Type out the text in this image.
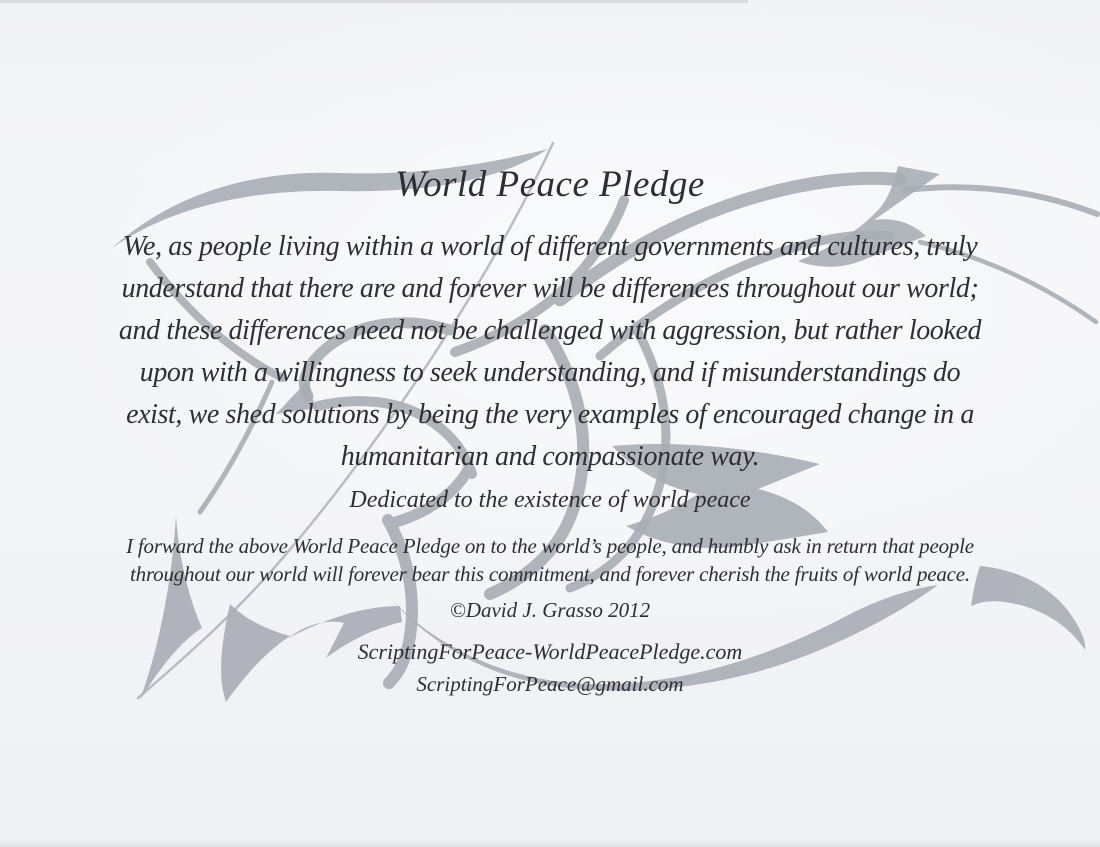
World Peace Pledge
We, as people living within a world of different governments and cultures, truly
understand that there are and forever will be differences throughout our world;
and these differences need not be challenged with aggression, but rather looked
upon with a willingness to seek understanding, and if misunderstandings do
exist, we shed solutions by being the very examples of encouraged change in a
humanitarian and compassionate way.
Dedicated to the existence of world peace
I forward the above World Peace Pledge on to the world’s people, and humbly ask in return that people
throughout our world will forever bear this commitment, and forever cherish the fruits of world peace.
©David J. Grasso 2012
ScriptingForPeace-WorldPeacePledge.com
ScriptingForPeace@gmail.com
